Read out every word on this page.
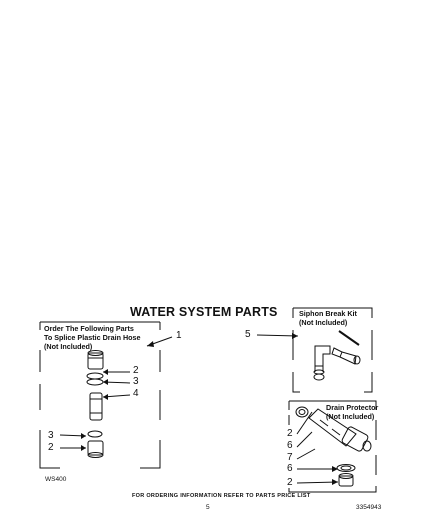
WATER SYSTEM PARTS
Order The Following Parts
To Splice Plastic Drain Hose
(Not Included)
Siphon Break Kit
(Not Included)
Drain Protector
(Not Included)
1
2
3
4
3
2
5
2
6
7
6
2
WS400
FOR ORDERING INFORMATION REFER TO PARTS PRICE LIST
5	3354943
